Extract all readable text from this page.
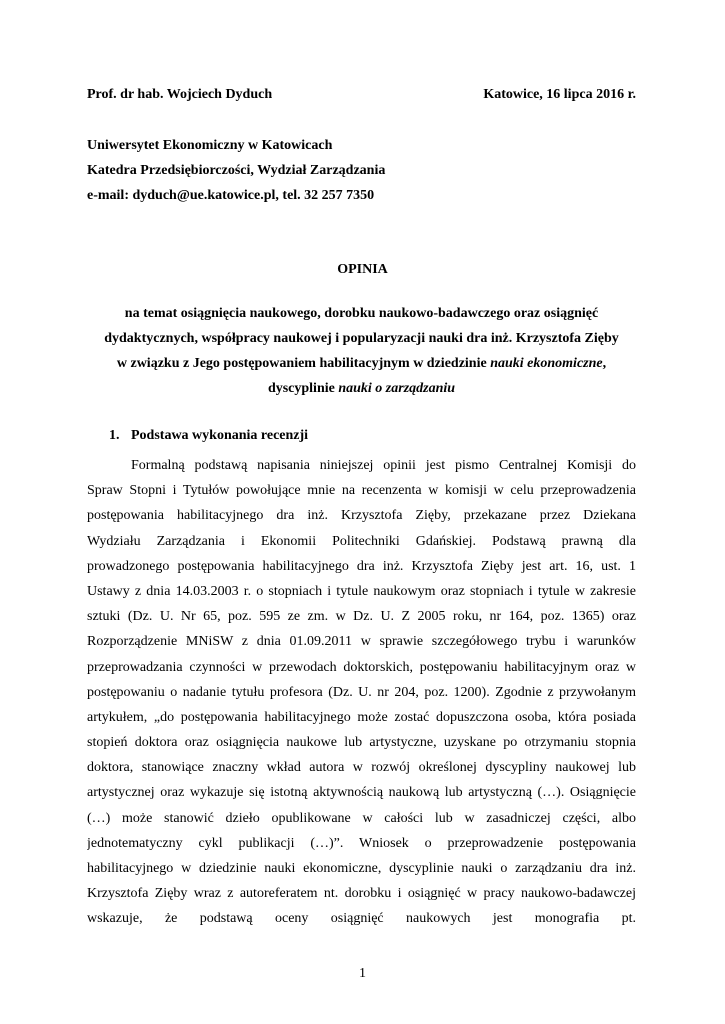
Prof. dr hab. Wojciech Dyduch	Katowice, 16 lipca 2016 r.
Uniwersytet Ekonomiczny w Katowicach
Katedra Przedsiębiorczości, Wydział Zarządzania
e-mail: dyduch@ue.katowice.pl, tel. 32 257 7350
OPINIA
na temat osiągnięcia naukowego, dorobku naukowo-badawczego oraz osiągnięć
dydaktycznych, współpracy naukowej i popularyzacji nauki dra inż. Krzysztofa Zięby
w związku z Jego postępowaniem habilitacyjnym w dziedzinie nauki ekonomiczne,
dyscyplinie nauki o zarządzaniu
1. Podstawa wykonania recenzji
Formalną podstawą napisania niniejszej opinii jest pismo Centralnej Komisji do
Spraw Stopni i Tytułów powołujące mnie na recenzenta w komisji w celu przeprowadzenia
postępowania habilitacyjnego dra inż. Krzysztofa Zięby, przekazane przez Dziekana
Wydziału Zarządzania i Ekonomii Politechniki Gdańskiej. Podstawą prawną dla
prowadzonego postępowania habilitacyjnego dra inż. Krzysztofa Zięby jest art. 16, ust. 1
Ustawy z dnia 14.03.2003 r. o stopniach i tytule naukowym oraz stopniach i tytule w zakresie
sztuki (Dz. U. Nr 65, poz. 595 ze zm. w Dz. U. Z 2005 roku, nr 164, poz. 1365) oraz
Rozporządzenie MNiSW z dnia 01.09.2011 w sprawie szczegółowego trybu i warunków
przeprowadzania czynności w przewodach doktorskich, postępowaniu habilitacyjnym oraz w
postępowaniu o nadanie tytułu profesora (Dz. U. nr 204, poz. 1200). Zgodnie z przywołanym
artykułem, „do postępowania habilitacyjnego może zostać dopuszczona osoba, która posiada
stopień doktora oraz osiągnięcia naukowe lub artystyczne, uzyskane po otrzymaniu stopnia
doktora, stanowiące znaczny wkład autora w rozwój określonej dyscypliny naukowej lub
artystycznej oraz wykazuje się istotną aktywnością naukową lub artystyczną (…). Osiągnięcie
(…) może stanowić dzieło opublikowane w całości lub w zasadniczej części, albo
jednotematyczny cykl publikacji (…)”. Wniosek o przeprowadzenie postępowania
habilitacyjnego w dziedzinie nauki ekonomiczne, dyscyplinie nauki o zarządzaniu dra inż.
Krzysztofa Zięby wraz z autoreferatem nt. dorobku i osiągnięć w pracy naukowo-badawczej
wskazuje, że podstawą oceny osiągnięć naukowych jest monografia pt.
1
